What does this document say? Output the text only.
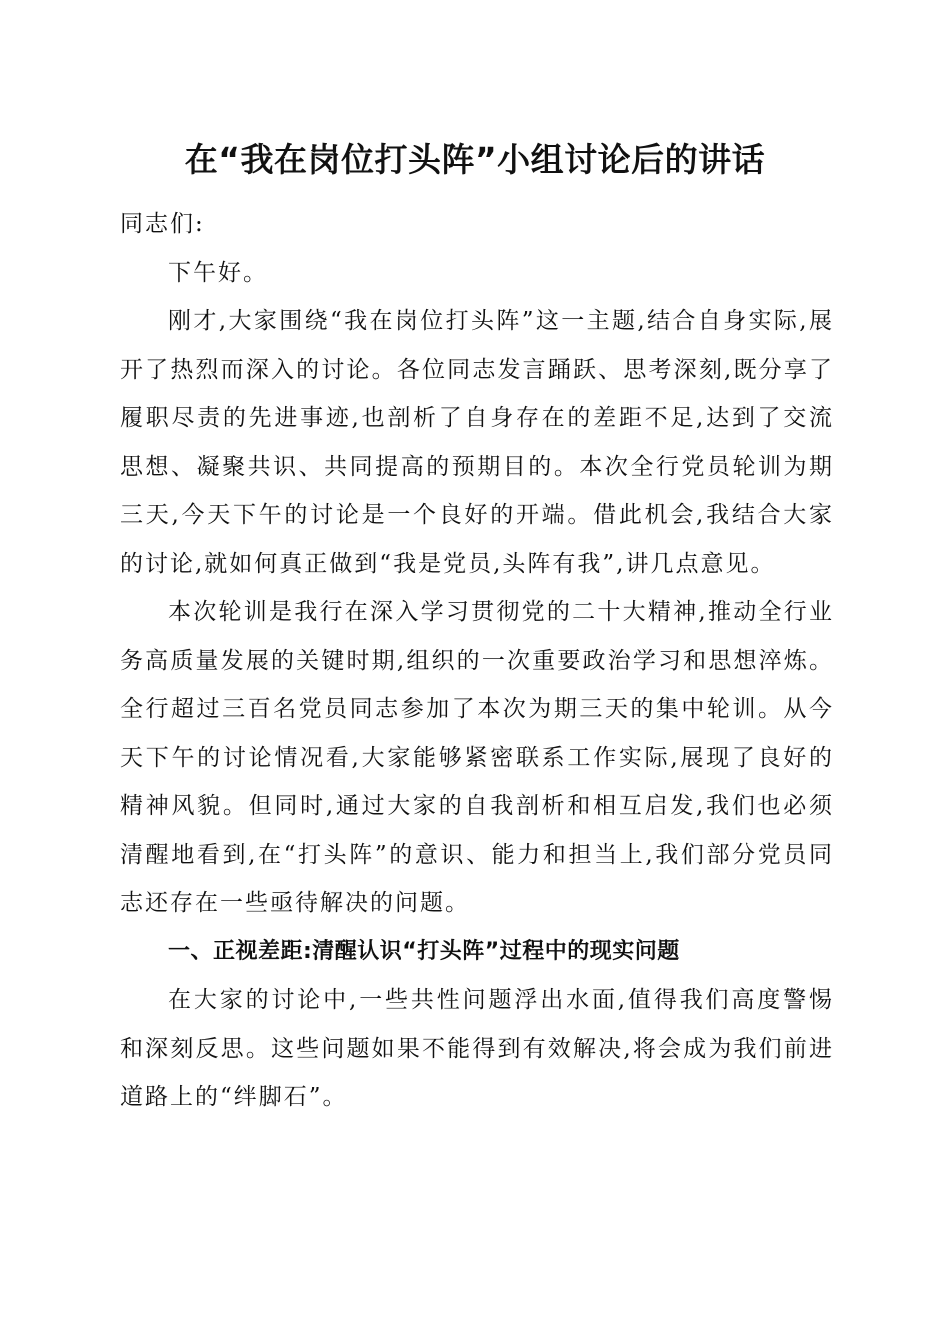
在“我在岗位打头阵”小组讨论后的讲话

同志们:

下午好。

刚才,大家围绕“我在岗位打头阵”这一主题,结合自身实际,展开了热烈而深入的讨论。各位同志发言踊跃、思考深刻,既分享了履职尽责的先进事迹,也剖析了自身存在的差距不足,达到了交流思想、凝聚共识、共同提高的预期目的。本次全行党员轮训为期三天,今天下午的讨论是一个良好的开端。借此机会,我结合大家的讨论,就如何真正做到“我是党员,头阵有我”,讲几点意见。

本次轮训是我行在深入学习贯彻党的二十大精神,推动全行业务高质量发展的关键时期,组织的一次重要政治学习和思想淬炼。全行超过三百名党员同志参加了本次为期三天的集中轮训。从今天下午的讨论情况看,大家能够紧密联系工作实际,展现了良好的精神风貌。但同时,通过大家的自我剖析和相互启发,我们也必须清醒地看到,在“打头阵”的意识、能力和担当上,我们部分党员同志还存在一些亟待解决的问题。

一、正视差距:清醒认识“打头阵”过程中的现实问题

在大家的讨论中,一些共性问题浮出水面,值得我们高度警惕和深刻反思。这些问题如果不能得到有效解决,将会成为我们前进道路上的“绊脚石”。
